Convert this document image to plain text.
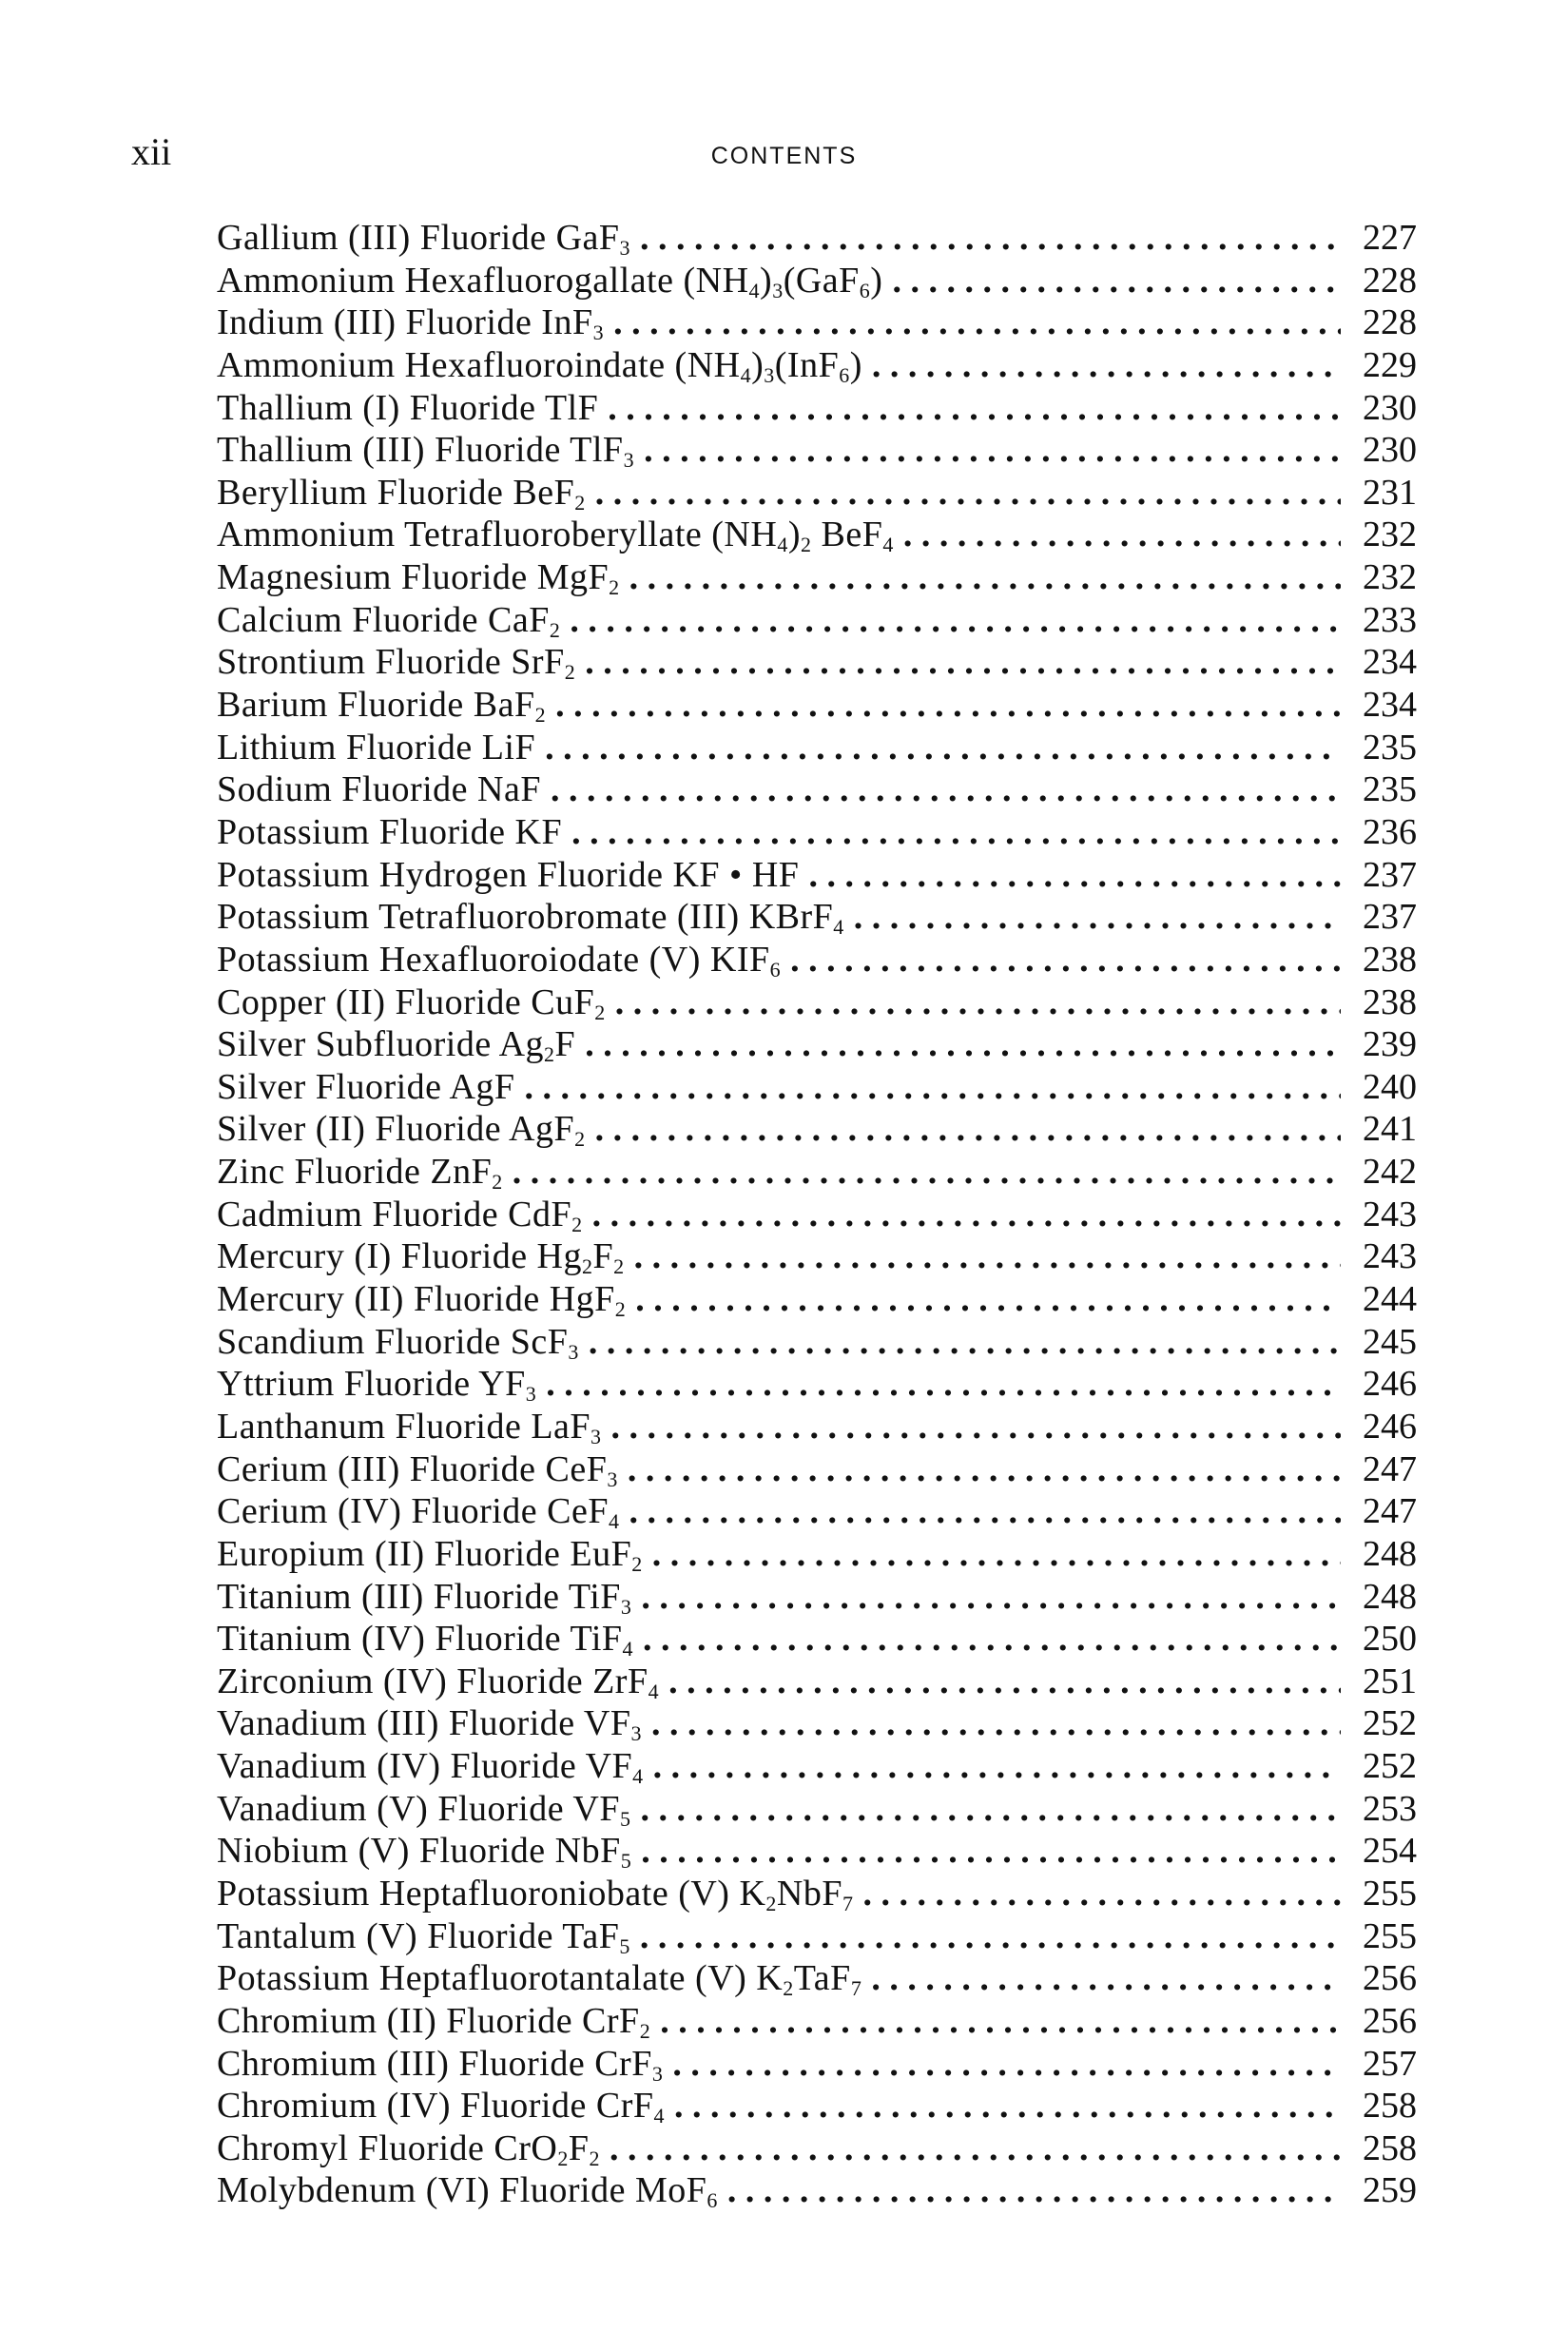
xii	CONTENTS
Gallium (III) Fluoride GaF$_3$ . . .	227
Ammonium Hexafluorogallate $(NH_4)_3(GaF_6)$ . . .	228
Indium (III) Fluoride InF$_3$ . . .	228
Ammonium Hexafluoroindate $(NH_4)_3(InF_6)$ . . .	229
Thallium (I) Fluoride TlF . . .	230
Thallium (III) Fluoride TlF$_3$ . . .	230
Beryllium Fluoride BeF$_2$ . . .	231
Ammonium Tetrafluoroberyllate $(NH_4)_2$ BeF$_4$ . . .	232
Magnesium Fluoride MgF$_2$ . . .	232
Calcium Fluoride CaF$_2$ . . .	233
Strontium Fluoride SrF$_2$ . . .	234
Barium Fluoride BaF$_2$ . . .	234
Lithium Fluoride LiF . . .	235
Sodium Fluoride NaF . . .	235
Potassium Fluoride KF . . .	236
Potassium Hydrogen Fluoride KF • HF . . .	237
Potassium Tetrafluorobromate (III) KBrF$_4$ . . .	237
Potassium Hexafluoroiodate (V) $KIF_6$ . . .	238
Copper (II) Fluoride CuF$_2$ . . .	238
Silver Subfluoride $Ag_2F$ . . .	239
Silver Fluoride AgF . . .	240
Silver (II) Fluoride AgF$_2$ . . .	241
Zinc Fluoride ZnF$_2$ . . .	242
Cadmium Fluoride CdF$_2$ . . .	243
Mercury (I) Fluoride $Hg_2F_2$ . . .	243
Mercury (II) Fluoride HgF$_2$ . . .	244
Scandium Fluoride ScF$_3$ . . .	245
Yttrium Fluoride $YF_3$ . . .	246
Lanthanum Fluoride LaF$_3$ . . .	246
Cerium (III) Fluoride CeF$_3$ . . .	247
Cerium (IV) Fluoride CeF$_4$ . . .	247
Europium (II) Fluoride EuF$_2$ . . .	248
Titanium (III) Fluoride TiF$_3$ . . .	248
Titanium (IV) Fluoride TiF$_4$ . . .	250
Zirconium (IV) Fluoride ZrF$_4$ . . .	251
Vanadium (III) Fluoride $VF_3$ . . .	252
Vanadium (IV) Fluoride $VF_4$ . . .	252
Vanadium (V) Fluoride $VF_5$ . . .	253
Niobium (V) Fluoride NbF$_5$ . . .	254
Potassium Heptafluoroniobate (V) $K_2NbF_7$ . . .	255
Tantalum (V) Fluoride TaF$_5$ . . .	255
Potassium Heptafluorotantalate (V) $K_2TaF_7$ . . .	256
Chromium (II) Fluoride CrF$_2$ . . .	256
Chromium (III) Fluoride CrF$_3$ . . .	257
Chromium (IV) Fluoride CrF$_4$ . . .	258
Chromyl Fluoride $CrO_2F_2$ . . .	258
Molybdenum (VI) Fluoride MoF$_6$ . . .	259
